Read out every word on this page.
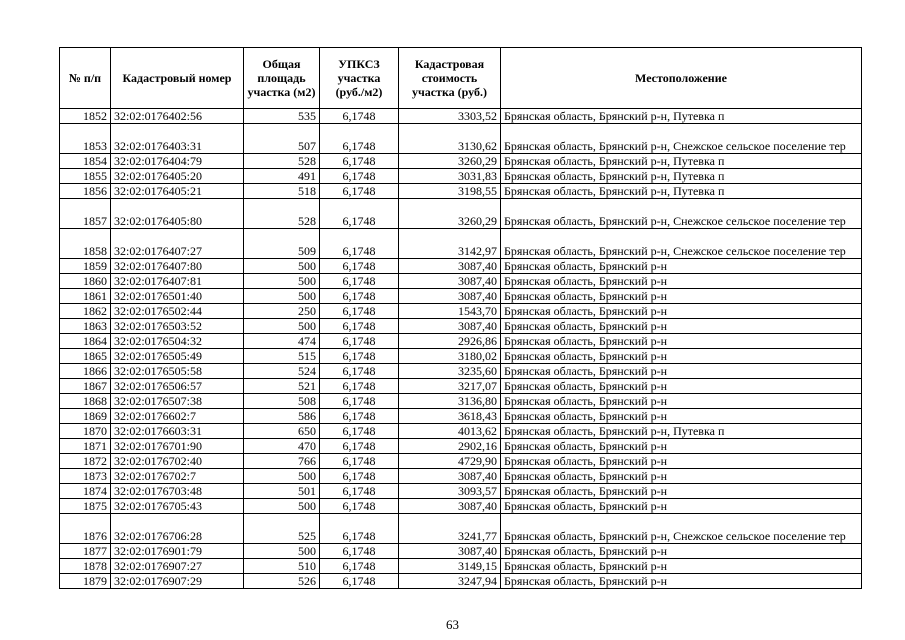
№ п/п	Кадастровый номер	Общая площадь участка (м2)	УПКСЗ участка (руб./м2)	Кадастровая стоимость участка (руб.)	Местоположение
1852	32:02:0176402:56	535	6,1748	3303,52	Брянская область, Брянский р-н, Путевка п
1853	32:02:0176403:31	507	6,1748	3130,62	Брянская область, Брянский р-н, Снежское сельское поселение тер
1854	32:02:0176404:79	528	6,1748	3260,29	Брянская область, Брянский р-н, Путевка п
1855	32:02:0176405:20	491	6,1748	3031,83	Брянская область, Брянский р-н, Путевка п
1856	32:02:0176405:21	518	6,1748	3198,55	Брянская область, Брянский р-н, Путевка п
1857	32:02:0176405:80	528	6,1748	3260,29	Брянская область, Брянский р-н, Снежское сельское поселение тер
1858	32:02:0176407:27	509	6,1748	3142,97	Брянская область, Брянский р-н, Снежское сельское поселение тер
1859	32:02:0176407:80	500	6,1748	3087,40	Брянская область, Брянский р-н
1860	32:02:0176407:81	500	6,1748	3087,40	Брянская область, Брянский р-н
1861	32:02:0176501:40	500	6,1748	3087,40	Брянская область, Брянский р-н
1862	32:02:0176502:44	250	6,1748	1543,70	Брянская область, Брянский р-н
1863	32:02:0176503:52	500	6,1748	3087,40	Брянская область, Брянский р-н
1864	32:02:0176504:32	474	6,1748	2926,86	Брянская область, Брянский р-н
1865	32:02:0176505:49	515	6,1748	3180,02	Брянская область, Брянский р-н
1866	32:02:0176505:58	524	6,1748	3235,60	Брянская область, Брянский р-н
1867	32:02:0176506:57	521	6,1748	3217,07	Брянская область, Брянский р-н
1868	32:02:0176507:38	508	6,1748	3136,80	Брянская область, Брянский р-н
1869	32:02:0176602:7	586	6,1748	3618,43	Брянская область, Брянский р-н
1870	32:02:0176603:31	650	6,1748	4013,62	Брянская область, Брянский р-н, Путевка п
1871	32:02:0176701:90	470	6,1748	2902,16	Брянская область, Брянский р-н
1872	32:02:0176702:40	766	6,1748	4729,90	Брянская область, Брянский р-н
1873	32:02:0176702:7	500	6,1748	3087,40	Брянская область, Брянский р-н
1874	32:02:0176703:48	501	6,1748	3093,57	Брянская область, Брянский р-н
1875	32:02:0176705:43	500	6,1748	3087,40	Брянская область, Брянский р-н
1876	32:02:0176706:28	525	6,1748	3241,77	Брянская область, Брянский р-н, Снежское сельское поселение тер
1877	32:02:0176901:79	500	6,1748	3087,40	Брянская область, Брянский р-н
1878	32:02:0176907:27	510	6,1748	3149,15	Брянская область, Брянский р-н
1879	32:02:0176907:29	526	6,1748	3247,94	Брянская область, Брянский р-н
63
